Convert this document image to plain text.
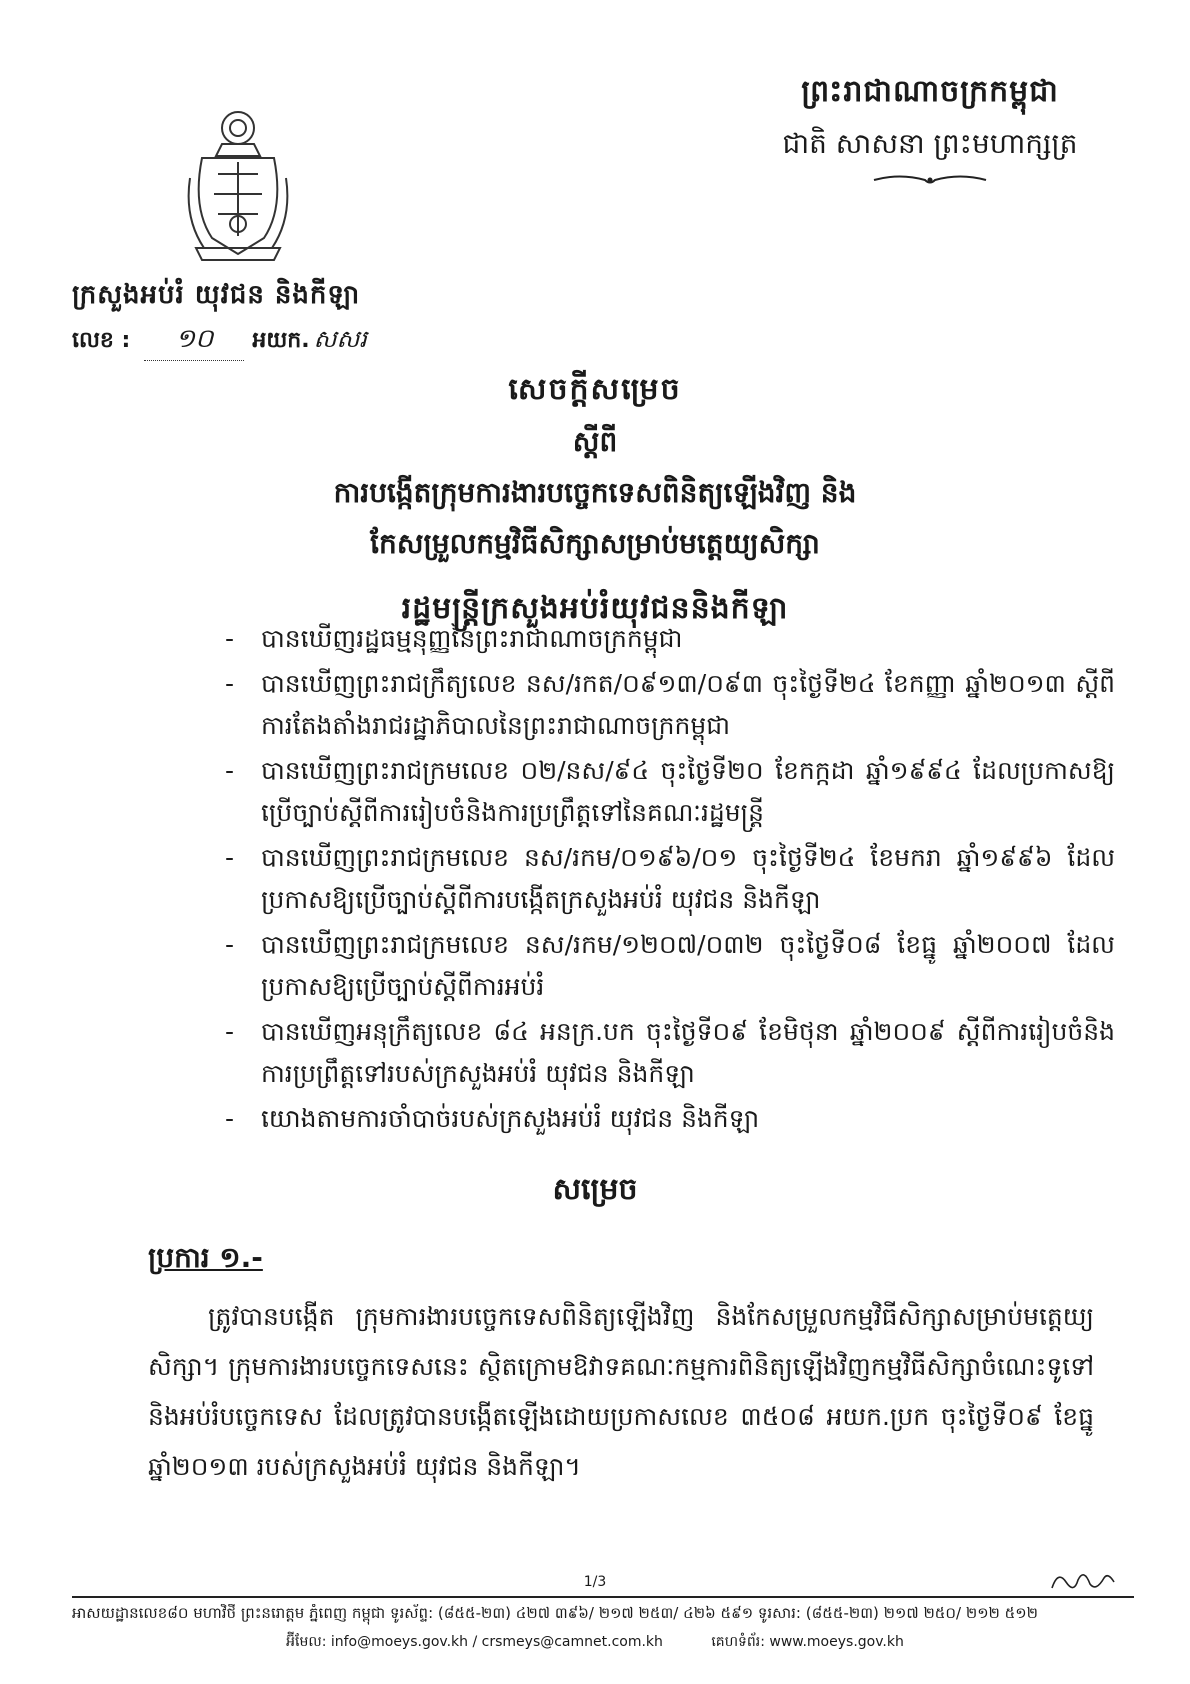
ព្រះរាជាណាចក្រកម្ពុជា
ជាតិ សាសនា ព្រះមហាក្សត្រ
ក្រសួងអប់រំ យុវជន និងកីឡា
លេខ :	១០	អយក. សសរ
សេចក្តីសម្រេច
ស្តីពី
ការបង្កើតក្រុមការងារបច្ចេកទេសពិនិត្យឡើងវិញ និង
កែសម្រួលកម្មវិធីសិក្សាសម្រាប់មត្តេយ្យសិក្សា
រដ្ឋមន្ត្រីក្រសួងអប់រំយុវជននិងកីឡា
- បានឃើញរដ្ឋធម្មនុញ្ញនៃព្រះរាជាណាចក្រកម្ពុជា
- បានឃើញព្រះរាជក្រឹត្យលេខ នស/រកត/០៩១៣/០៩៣ ចុះថ្ងៃទី២៤ ខែកញ្ញា ឆ្នាំ២០១៣ ស្តីពីការតែងតាំងរាជរដ្ឋាភិបាលនៃព្រះរាជាណាចក្រកម្ពុជា
- បានឃើញព្រះរាជក្រមលេខ ០២/នស/៩៤ ចុះថ្ងៃទី២០ ខែកក្កដា ឆ្នាំ១៩៩៤ ដែលប្រកាសឱ្យប្រើច្បាប់ស្តីពីការរៀបចំនិងការប្រព្រឹត្តទៅនៃគណៈរដ្ឋមន្ត្រី
- បានឃើញព្រះរាជក្រមលេខ នស/រកម/០១៩៦/០១ ចុះថ្ងៃទី២៤ ខែមករា ឆ្នាំ១៩៩៦ ដែលប្រកាសឱ្យប្រើច្បាប់ស្តីពីការបង្កើតក្រសួងអប់រំ យុវជន និងកីឡា
- បានឃើញព្រះរាជក្រមលេខ នស/រកម/១២០៧/០៣២ ចុះថ្ងៃទី០៨ ខែធ្នូ ឆ្នាំ២០០៧ ដែលប្រកាសឱ្យប្រើច្បាប់ស្តីពីការអប់រំ
- បានឃើញអនុក្រឹត្យលេខ ៨៤ អនក្រ.បក ចុះថ្ងៃទី០៩ ខែមិថុនា ឆ្នាំ២០០៩ ស្តីពីការរៀបចំនិងការប្រព្រឹត្តទៅរបស់ក្រសួងអប់រំ យុវជន និងកីឡា
- យោងតាមការចាំបាច់របស់ក្រសួងអប់រំ យុវជន និងកីឡា
សម្រេច
ប្រការ ១.-
ត្រូវបានបង្កើត ក្រុមការងារបច្ចេកទេសពិនិត្យឡើងវិញ និងកែសម្រួលកម្មវិធីសិក្សាសម្រាប់មត្តេយ្យសិក្សា។ ក្រុមការងារបច្ចេកទេសនេះ ស្ថិតក្រោមឱវាទគណៈកម្មការពិនិត្យឡើងវិញកម្មវិធីសិក្សាចំណេះទូទៅ និងអប់រំបច្ចេកទេស ដែលត្រូវបានបង្កើតឡើងដោយប្រកាសលេខ ៣៥០៨ អយក.ប្រក ចុះថ្ងៃទី០៩ ខែធ្នូ ឆ្នាំ២០១៣ របស់ក្រសួងអប់រំ យុវជន និងកីឡា។
1/3
អាសយដ្ឋានលេខ៨០ មហាវិថី ព្រះនរោត្តម ភ្នំពេញ កម្ពុជា ទូរស័ព្ទ: (៨៥៥-២៣) ៤២៧ ៣៩៦/ ២១៧ ២៥៣/ ៤២៦ ៥៩១ ទូរសារ: (៨៥៥-២៣) ២១៧ ២៥០/ ២១២ ៥១២
អ៊ីមែល: info@moeys.gov.kh / crsmeys@camnet.com.kh	គេហទំព័រ: www.moeys.gov.kh
